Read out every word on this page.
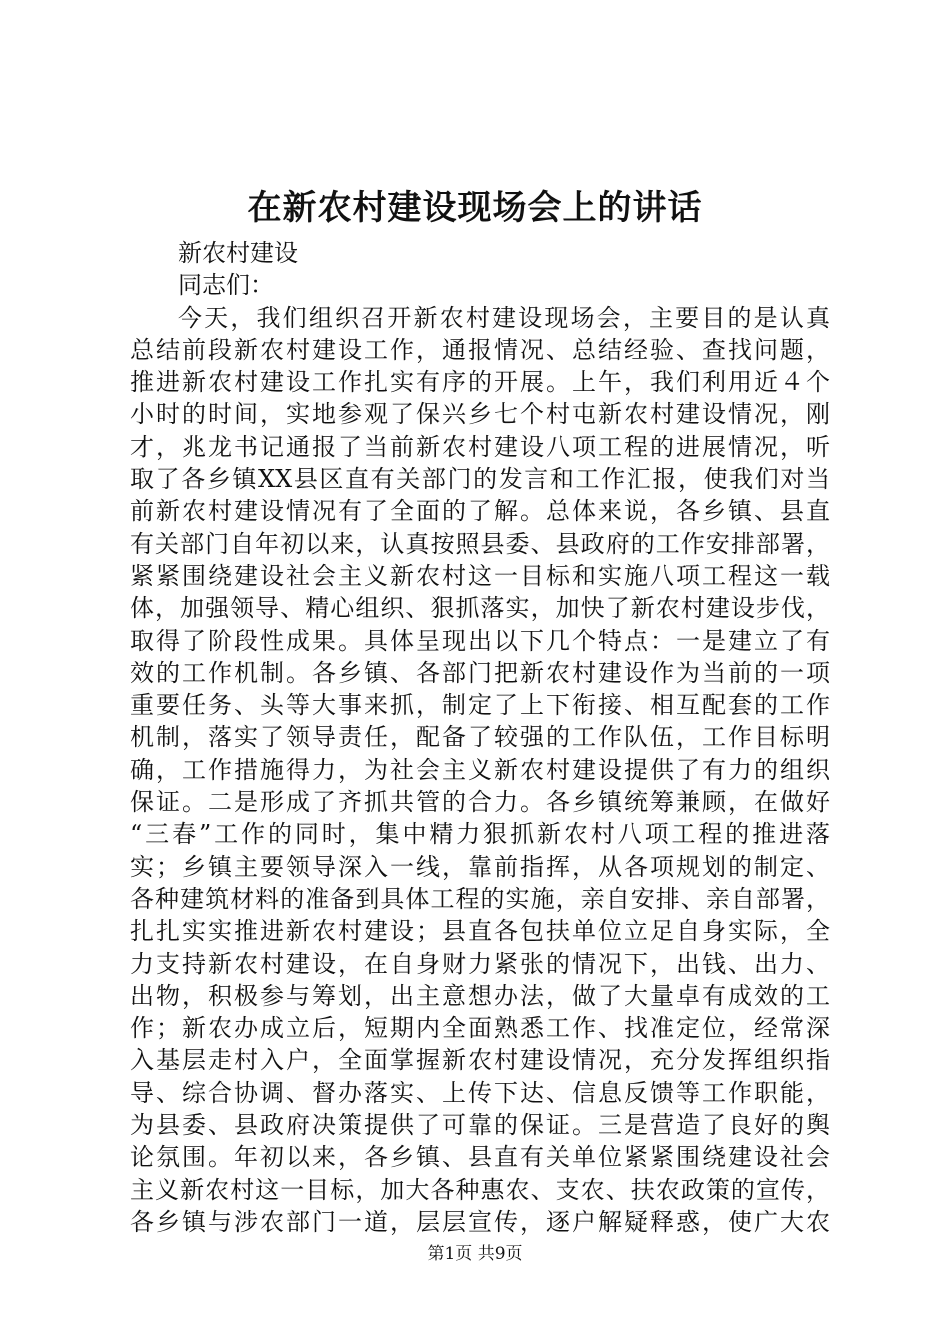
在新农村建设现场会上的讲话
新农村建设
同志们：
今天，我们组织召开新农村建设现场会，主要目的是认真
总结前段新农村建设工作，通报情况、总结经验、查找问题，
推进新农村建设工作扎实有序的开展。上午，我们利用近４个
小时的时间，实地参观了保兴乡七个村屯新农村建设情况，刚
才，兆龙书记通报了当前新农村建设八项工程的进展情况，听
取了各乡镇XX县区直有关部门的发言和工作汇报，使我们对当
前新农村建设情况有了全面的了解。总体来说，各乡镇、县直
有关部门自年初以来，认真按照县委、县政府的工作安排部署，
紧紧围绕建设社会主义新农村这一目标和实施八项工程这一载
体，加强领导、精心组织、狠抓落实，加快了新农村建设步伐，
取得了阶段性成果。具体呈现出以下几个特点：一是建立了有
效的工作机制。各乡镇、各部门把新农村建设作为当前的一项
重要任务、头等大事来抓，制定了上下衔接、相互配套的工作
机制，落实了领导责任，配备了较强的工作队伍，工作目标明
确，工作措施得力，为社会主义新农村建设提供了有力的组织
保证。二是形成了齐抓共管的合力。各乡镇统筹兼顾，在做好
“三春”工作的同时，集中精力狠抓新农村八项工程的推进落
实；乡镇主要领导深入一线，靠前指挥，从各项规划的制定、
各种建筑材料的准备到具体工程的实施，亲自安排、亲自部署，
扎扎实实推进新农村建设；县直各包扶单位立足自身实际，全
力支持新农村建设，在自身财力紧张的情况下，出钱、出力、
出物，积极参与筹划，出主意想办法，做了大量卓有成效的工
作；新农办成立后，短期内全面熟悉工作、找准定位，经常深
入基层走村入户，全面掌握新农村建设情况，充分发挥组织指
导、综合协调、督办落实、上传下达、信息反馈等工作职能，
为县委、县政府决策提供了可靠的保证。三是营造了良好的舆
论氛围。年初以来，各乡镇、县直有关单位紧紧围绕建设社会
主义新农村这一目标，加大各种惠农、支农、扶农政策的宣传，
各乡镇与涉农部门一道，层层宣传，逐户解疑释惑，使广大农
第1页 共9页
